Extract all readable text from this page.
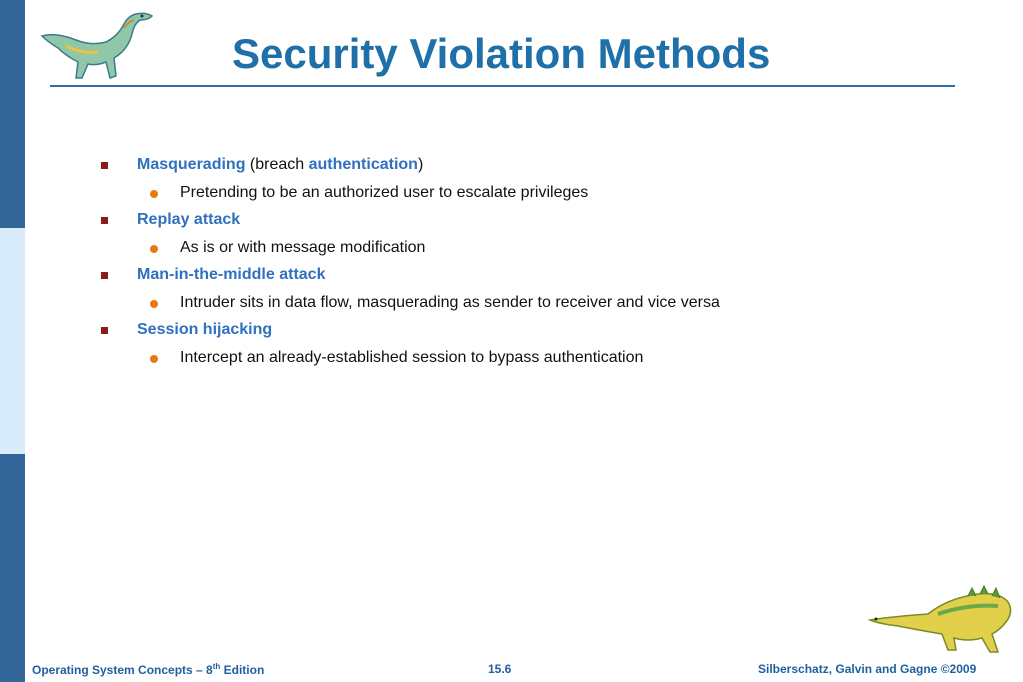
Security Violation Methods
Masquerading (breach authentication)
Pretending to be an authorized user to escalate privileges
Replay attack
As is or with message modification
Man-in-the-middle attack
Intruder sits in data flow, masquerading as sender to receiver and vice versa
Session hijacking
Intercept an already-established session to bypass authentication
Operating System Concepts – 8th Edition	15.6	Silberschatz, Galvin and Gagne ©2009
